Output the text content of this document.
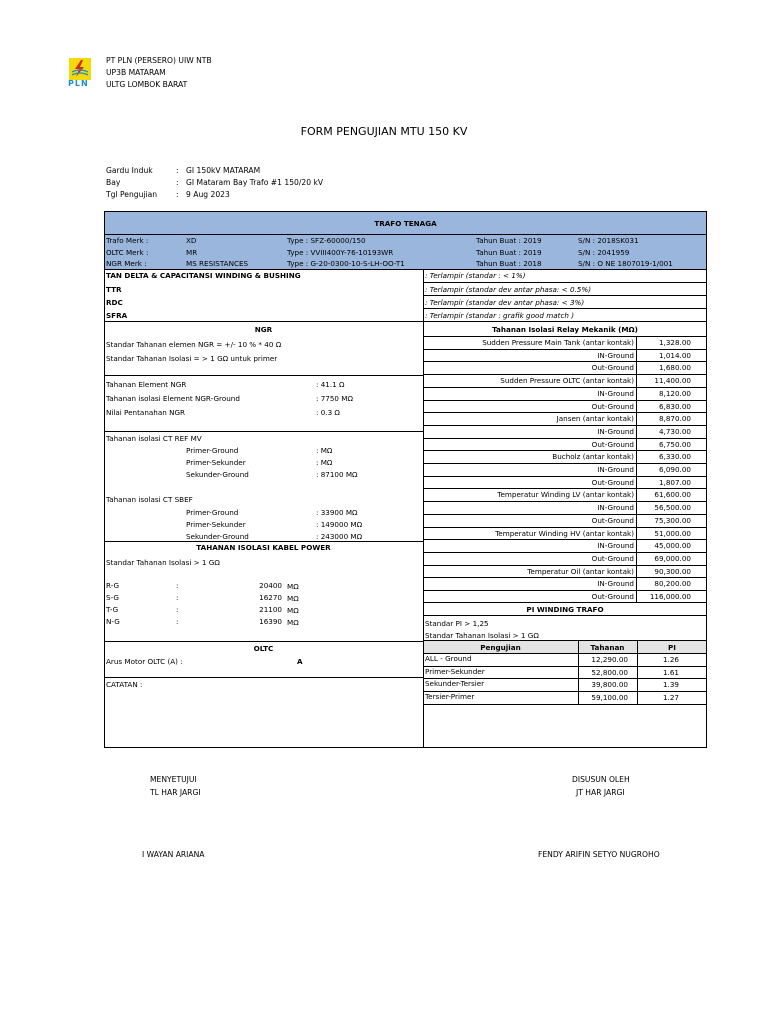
PLN
PT PLN (PERSERO) UIW NTB
UP3B MATARAM
ULTG LOMBOK BARAT
FORM PENGUJIAN MTU 150 KV
Gardu Induk	: GI 150kV MATARAM
Bay	: GI Mataram Bay Trafo #1 150/20 kV
Tgl Pengujian : 9 Aug 2023
TRAFO TENAGA
Trafo Merk :	XD	Type : SFZ-60000/150	Tahun Buat : 2019	S/N : 2018SK031
OLTC Merk :	MR	Type : VVIII400Y-76-10193WR	Tahun Buat : 2019	S/N : 2041959
NGR Merk :	MS RESISTANCES	Type : G-20-0300-10-S-LH-OO-T1	Tahun Buat : 2018	S/N : O NE 1807019-1/001
TAN DELTA & CAPACITANSI WINDING & BUSHING	: Terlampir (standar : < 1%)
TTR	: Terlampir (standar dev antar phasa: < 0.5%)
RDC	: Terlampir (standar dev antar phasa: < 3%)
SFRA	: Terlampir (standar : grafik good match )
NGR
Standar Tahanan elemen NGR = +/- 10 % * 40 Ω
Standar Tahanan Isolasi = > 1 GΩ untuk primer
Tahanan Element NGR	: 41.1 Ω
Tahanan isolasi Element NGR-Ground	: 7750 MΩ
Nilai Pentanahan NGR	: 0.3 Ω
Tahanan isolasi CT REF MV
Primer-Ground	: MΩ
Primer-Sekunder	: MΩ
Sekunder-Ground	: 87100 MΩ
Tahanan isolasi CT SBEF
Primer-Ground	: 33900 MΩ
Primer-Sekunder	: 149000 MΩ
Sekunder-Ground	: 243000 MΩ
TAHANAN ISOLASI KABEL POWER
Standar Tahanan Isolasi > 1 GΩ
R-G	:	20400 MΩ
S-G	:	16270 MΩ
T-G	:	21100 MΩ
N-G	:	16390 MΩ
OLTC
Arus Motor OLTC (A) :	A
CATATAN :
Tahanan Isolasi Relay Mekanik (MΩ)
Sudden Pressure Main Tank (antar kontak)	1,328.00
IN-Ground	1,014.00
Out-Ground	1,680.00
Sudden Pressure OLTC (antar kontak)	11,400.00
IN-Ground	8,120.00
Out-Ground	6,830.00
Jansen (antar kontak)	8,870.00
IN-Ground	4,730.00
Out-Ground	6,750.00
Bucholz (antar kontak)	6,330.00
IN-Ground	6,090.00
Out-Ground	1,807.00
Temperatur Winding LV (antar kontak)	61,600.00
IN-Ground	56,500.00
Out-Ground	75,300.00
Temperatur Winding HV (antar kontak)	51,000.00
IN-Ground	45,000.00
Out-Ground	69,000.00
Temperatur Oil (antar kontak)	90,300.00
IN-Ground	80,200.00
Out-Ground	116,000.00
PI WINDING TRAFO
Standar PI > 1,25
Standar Tahanan Isolasi > 1 GΩ
Pengujian	Tahanan	PI
ALL - Ground	12,290.00	1.26
Primer-Sekunder	52,800.00	1.61
Sekunder-Tersier	39,800.00	1.39
Tersier-Primer	59,100.00	1.27
MENYETUJUI
TL HAR JARGI
I WAYAN ARIANA
DISUSUN OLEH
JT HAR JARGI
FENDY ARIFIN SETYO NUGROHO
